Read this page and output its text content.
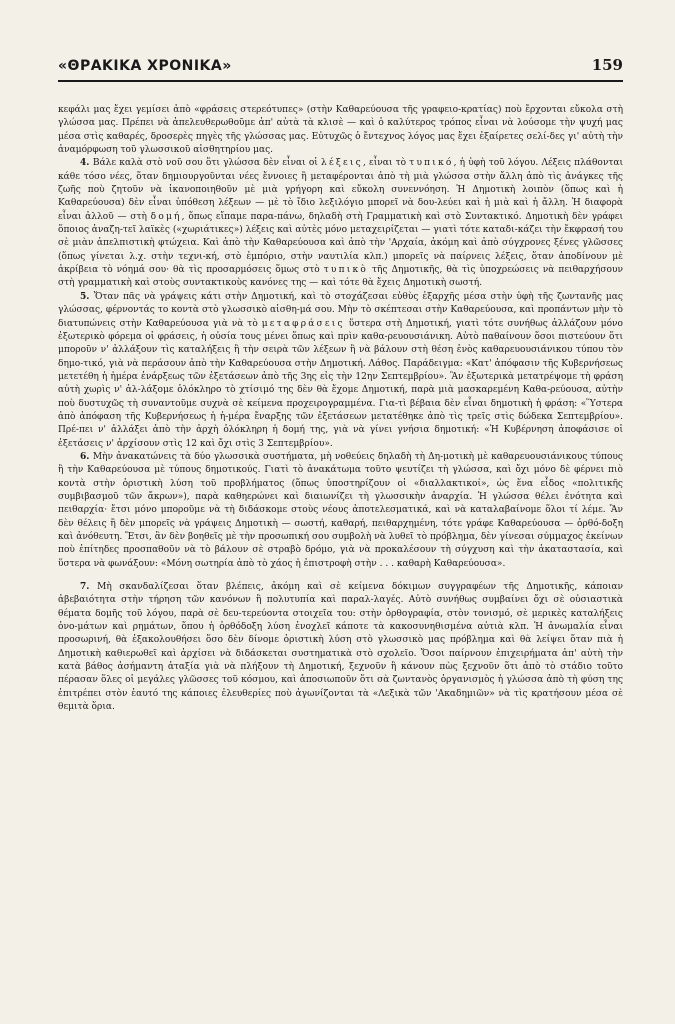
«ΘΡΑΚΙΚΑ ΧΡΟΝΙΚΑ»	159

κεφάλι μας ἔχει γεμίσει ἀπὸ «φράσεις στερεότυπες» (στὴν Καθαρεύουσα τῆς γραφειο-κρατίας) ποὺ ἔρχονται εὔκολα στὴ γλώσσα μας. Πρέπει νὰ ἀπελευθερωθοῦμε ἀπ' αὐτὰ τὰ κλισὲ — καὶ ὁ καλύτερος τρόπος εἶναι νὰ λούσομε τὴν ψυχή μας μέσα στὶς καθαρές, δροσερὲς πηγὲς τῆς γλώσσας μας. Εὐτυχῶς ὁ ἔντεχνος λόγος μας ἔχει ἐξαίρετες σελί-δες γι' αὐτὴ τὴν ἀναμόρφωση τοῦ γλωσσικοῦ αἰσθητηρίου μας.

4. Βάλε καλὰ στὸ νοῦ σου ὅτι γλώσσα δὲν εἶναι οἱ λέξεις, εἶναι τὸ τυπικό, ἡ ὑφὴ τοῦ λόγου. Λέξεις πλάθονται κάθε τόσο νέες, ὅταν δημιουργοῦνται νέες ἔννοιες ἢ μεταφέρονται ἀπὸ τὴ μιὰ γλώσσα στὴν ἄλλη ἀπὸ τὶς ἀνάγκες τῆς ζωῆς ποὺ ζητοῦν νὰ ἱκανοποιηθοῦν μὲ μιὰ γρήγορη καὶ εὔκολη συνεννόηση. Ἡ Δημοτικὴ λοιπὸν (ὅπως καὶ ἡ Καθαρεύουσα) δὲν εἶναι ὑπόθεση λέξεων — μὲ τὸ ἴδιο λεξιλόγιο μπορεῖ νὰ δου-λεύει καὶ ἡ μιὰ καὶ ἡ ἄλλη. Ἡ διαφορὰ εἶναι ἀλλοῦ — στὴ δομή, ὅπως εἴπαμε παρα-πάνω, δηλαδὴ στὴ Γραμματικὴ καὶ στὸ Συντακτικό. Δημοτικὴ δὲν γράφει ὅποιος ἀναζη-τεῖ λαϊκὲς («χωριάτικες») λέξεις καὶ αὐτὲς μόνο μεταχειρίζεται — γιατὶ τότε καταδι-κάζει τὴν ἔκφρασή του σὲ μιὰν ἀπελπιστικὴ φτώχεια. Καὶ ἀπὸ τὴν Καθαρεύουσα καὶ ἀπὸ τὴν 'Αρχαία, ἀκόμη καὶ ἀπὸ σύγχρονες ξένες γλῶσσες (ὅπως γίνεται λ.χ. στὴν τεχνι-κή, στὸ ἐμπόριο, στὴν ναυτιλία κλπ.) μπορεῖς νὰ παίρνεις λέξεις, ὅταν ἀποδίνουν μὲ ἀκρίβεια τὸ νόημά σου· θὰ τὶς προσαρμόσεις ὅμως στὸ τυπικὸ τῆς Δημοτικῆς, θὰ τὶς ὑποχρεώσεις νὰ πειθαρχήσουν στὴ γραμματικὴ καὶ στοὺς συντακτικοὺς κανόνες της — καὶ τότε θὰ ἔχεις Δημοτικὴ σωστή.

5. Ὅταν πᾶς νὰ γράψεις κάτι στὴν Δημοτική, καὶ τὸ στοχάζεσαι εὐθὺς ἐξαρχῆς μέσα στὴν ὑφὴ τῆς ζωντανῆς μας γλώσσας, φέρνοντάς το κοντὰ στὸ γλωσσικὸ αἰσθη-μά σου. Μὴν τὸ σκέπτεσαι στὴν Καθαρεύουσα, καὶ προπάντων μὴν τὸ διατυπώνεις στὴν Καθαρεύουσα γιὰ νὰ τὸ μεταφράσεις ὕστερα στὴ Δημοτική, γιατὶ τότε συνήθως ἀλλάζουν μόνο ἐξωτερικὸ φόρεμα οἱ φράσεις, ἡ οὐσία τους μένει ὅπως καὶ πρὶν καθα-ρευουσιάνικη. Αὐτὸ παθαίνουν ὅσοι πιστεύουν ὅτι μποροῦν ν' ἀλλάξουν τὶς καταλήξεις ἢ τὴν σειρὰ τῶν λέξεων ἢ νὰ βάλουν στὴ θέση ἑνὸς καθαρευουσιάνικου τύπου τὸν δημο-τικό, γιὰ νὰ περάσουν ἀπὸ τὴν Καθαρεύουσα στὴν Δημοτική. Λάθος. Παράδειγμα: «Κατ' ἀπόφασιν τῆς Κυβερνήσεως μετετέθη ἡ ἡμέρα ἐνάρξεως τῶν ἐξετάσεων ἀπὸ τῆς 3ης εἰς τὴν 12ην Σεπτεμβρίου». Ἂν ἐξωτερικὰ μετατρέψομε τὴ φράση αὐτὴ χωρὶς ν' ἀλ-λάξομε ὁλόκληρο τὸ χτίσιμό της δὲν θὰ ἔχομε Δημοτική, παρὰ μιὰ μασκαρεμένη Καθα-ρεύουσα, αὐτὴν ποὺ δυστυχῶς τὴ συναντοῦμε συχνὰ σὲ κείμενα προχειρογραμμένα. Για-τὶ βέβαια δὲν εἶναι δημοτικὴ ἡ φράση: «Ὕστερα ἀπὸ ἀπόφαση τῆς Κυβερνήσεως ἡ ἡ-μέρα ἔναρξης τῶν ἐξετάσεων μετατέθηκε ἀπὸ τὶς τρεῖς στὶς δώδεκα Σεπτεμβρίου». Πρέ-πει ν' ἀλλάξει ἀπὸ τὴν ἀρχὴ ὁλόκληρη ἡ δομή της, γιὰ νὰ γίνει γνήσια δημοτική: «Ἡ Κυβέρνηση ἀποφάσισε οἱ ἐξετάσεις ν' ἀρχίσουν στὶς 12 καὶ ὄχι στὶς 3 Σεπτεμβρίου».

6. Μὴν ἀνακατώνεις τὰ δύο γλωσσικὰ συστήματα, μὴ νοθεύεις δηλαδὴ τὴ Δη-μοτικὴ μὲ καθαρευουσιάνικους τύπους ἢ τὴν Καθαρεύουσα μὲ τύπους δημοτικούς. Γιατὶ τὸ ἀνακάτωμα τοῦτο ψευτίζει τὴ γλώσσα, καὶ ὄχι μόνο δὲ φέρνει πιὸ κοντὰ στὴν ὁριστικὴ λύση τοῦ προβλήματος (ὅπως ὑποστηρίζουν οἱ «διαλλακτικοί», ὡς ἕνα εἶδος «πολιτικῆς συμβιβασμοῦ τῶν ἄκρων»), παρὰ καθηερώνει καὶ διαιωνίζει τὴ γλωσσικὴν ἀναρχία. Ἡ γλώσσα θέλει ἑνότητα καὶ πειθαρχία· ἔτσι μόνο μποροῦμε νὰ τὴ διδάσκομε στοὺς νέους ἀποτελεσματικά, καὶ νὰ καταλαβαίνομε ὅλοι τί λέμε. Ἂν δὲν θέλεις ἢ δὲν μπορεῖς νὰ γράψεις Δημοτικὴ — σωστή, καθαρή, πειθαρχημένη, τότε γράφε Καθαρεύουσα — ὀρθό-δοξη καὶ ἀνόθευτη. Ἔτσι, ἂν δὲν βοηθεῖς μὲ τὴν προσωπική σου συμβολὴ νὰ λυθεῖ τὸ πρόβλημα, δὲν γίνεσαι σύμμαχος ἐκείνων ποὺ ἐπίτηδες προσπαθοῦν νὰ τὸ βάλουν σὲ στραβὸ δρόμο, γιὰ νὰ προκαλέσουν τὴ σύγχυση καὶ τὴν ἀκαταστασία, καὶ ὕστερα νὰ φωνάξουν: «Μόνη σωτηρία ἀπὸ τὸ χάος ἡ ἐπιστροφὴ στὴν . . . καθαρὴ Καθαρεύουσα».

7. Μὴ σκανδαλίζεσαι ὅταν βλέπεις, ἀκόμη καὶ σὲ κείμενα δόκιμων συγγραφέων τῆς Δημοτικῆς, κάποιαν ἀβεβαιότητα στὴν τήρηση τῶν κανόνων ἢ πολυτυπία καὶ παραλ-λαγές. Αὐτὸ συνήθως συμβαίνει ὄχι σὲ οὐσιαστικὰ θέματα δομῆς τοῦ λόγου, παρὰ σὲ δευ-τερεύοντα στοιχεῖα του: στὴν ὀρθογραφία, στὸν τονισμό, σὲ μερικὲς καταλήξεις ὀνο-μάτων καὶ ρημάτων, ὅπου ἡ ὀρθόδοξη λύση ἐνοχλεῖ κάποτε τὰ κακοσυνηθισμένα αὐτιὰ κλπ. Ἡ ἀνωμαλία εἶναι προσωρινή, θὰ ἐξακολουθήσει ὅσο δὲν δίνομε ὁριστικὴ λύση στὸ γλωσσικὸ μας πρόβλημα καὶ θὰ λείψει ὅταν πιὰ ἡ Δημοτικὴ καθιερωθεῖ καὶ ἀρχίσει νὰ διδάσκεται συστηματικὰ στὸ σχολεῖο. Ὅσοι παίρνουν ἐπιχειρήματα ἀπ' αὐτὴ τὴν κατὰ βάθος ἀσήμαντη ἀταξία γιὰ νὰ πλήξουν τὴ Δημοτική, ξεχνοῦν ἢ κάνουν πὼς ξεχνοῦν ὅτι ἀπὸ τὸ στάδιο τοῦτο πέρασαν ὅλες οἱ μεγάλες γλῶσσες τοῦ κόσμου, καὶ ἀποσιωποῦν ὅτι σὰ ζωντανὸς ὀργανισμὸς ἡ γλώσσα ἀπὸ τὴ φύση της ἐπιτρέπει στὸν ἑαυτό της κάποιες ἐλευθερίες ποὺ ἀγωνίζονται τὰ «Λεξικὰ τῶν 'Ακαδημιῶν» νὰ τὶς κρατήσουν μέσα σὲ θεμιτὰ ὅρια.
